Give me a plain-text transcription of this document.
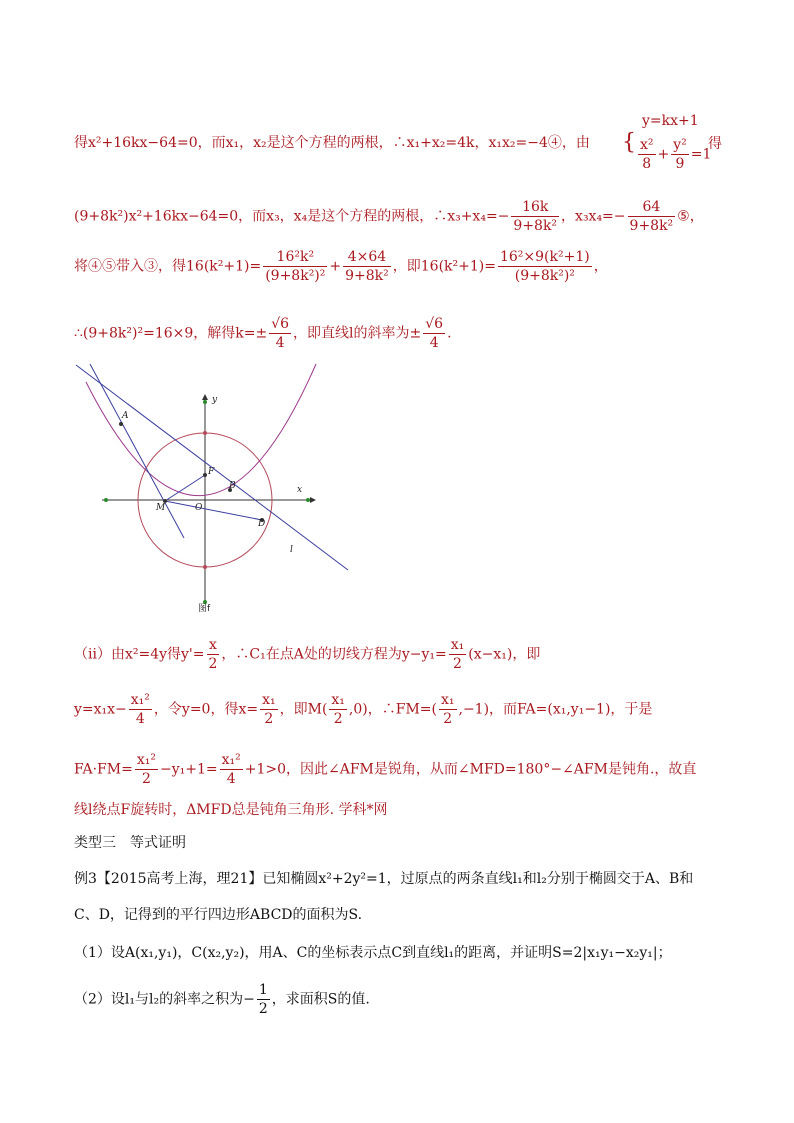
得x²+16kx−64=0，而x₁，x₂是这个方程的两根，∴x₁+x₂=4k，x₁x₂=−4④，由 {
y=kx+1
$\frac{\text{x²}}{8} + \frac{\text{y²}}{9} =1$
得
(9+8k²)x²+16kx−64=0，而x₃，x₄是这个方程的两根，∴x₃+x₄=− $\frac{16k}{\text{9+8k²}}$ ，$x_3x_4=- \frac{64}{\text{9+8k²}}$ ⑤，
将④⑤带入③，得$16(k^2+1)= \frac{\text{16²k²}}{\text{(9+8k²)²}} + \frac{4\times 64}{\text{9+8k²}}$ ，即$16(k^2+1)= \frac{\text{16²×9(k²+1)}}{\text{(9+8k²)²}}$ ，
∴(9+8k²)²=16×9，解得$k=\pm \frac{√6}{4}$ ，即直线l的斜率为± $\frac{√6}{4}$ .
y
x
A
F
B
M	O
D
l
图f
（ii）由x²=4y得$y'= \frac{x}{2}$ ，∴C₁在点A处的切线方程为$y-y_1= \frac{\text{x₁}}{2} (x-x_1)$，即
$y=x_1x- \frac{\text{x₁²}}{4}$ ，令y=0，得$x= \frac{\text{x₁}}{2}$ ，即$M( \frac{\text{x₁}}{2} ,0)$，∴FM=( $\frac{\text{x₁}}{2} ,-1$)，而FA=(x₁,y₁−1)，于是
$FA\cdot FM= \frac{\text{x₁²}}{2} -y_1+1= \frac{\text{x₁²}}{4} +1>0$，因此∠AFM是锐角，从而∠MFD=180°−∠AFM是钝角.，故直
线l绕点F旋转时，ΔMFD总是钝角三角形. 学科*网
类型三　等式证明
例3【2015高考上海，理21】已知椭圆x²+2y²=1，过原点的两条直线l₁和l₂分别于椭圆交于A、B和
C、D，记得到的平行四边形ABCD的面积为S.
（1）设A(x₁,y₁)，C(x₂,y₂)，用A、C的坐标表示点C到直线l₁的距离，并证明S=2|x₁y₁−x₂y₁|；
（2）设l₁与l₂的斜率之积为− $\frac{1}{2}$ ，求面积S的值.
